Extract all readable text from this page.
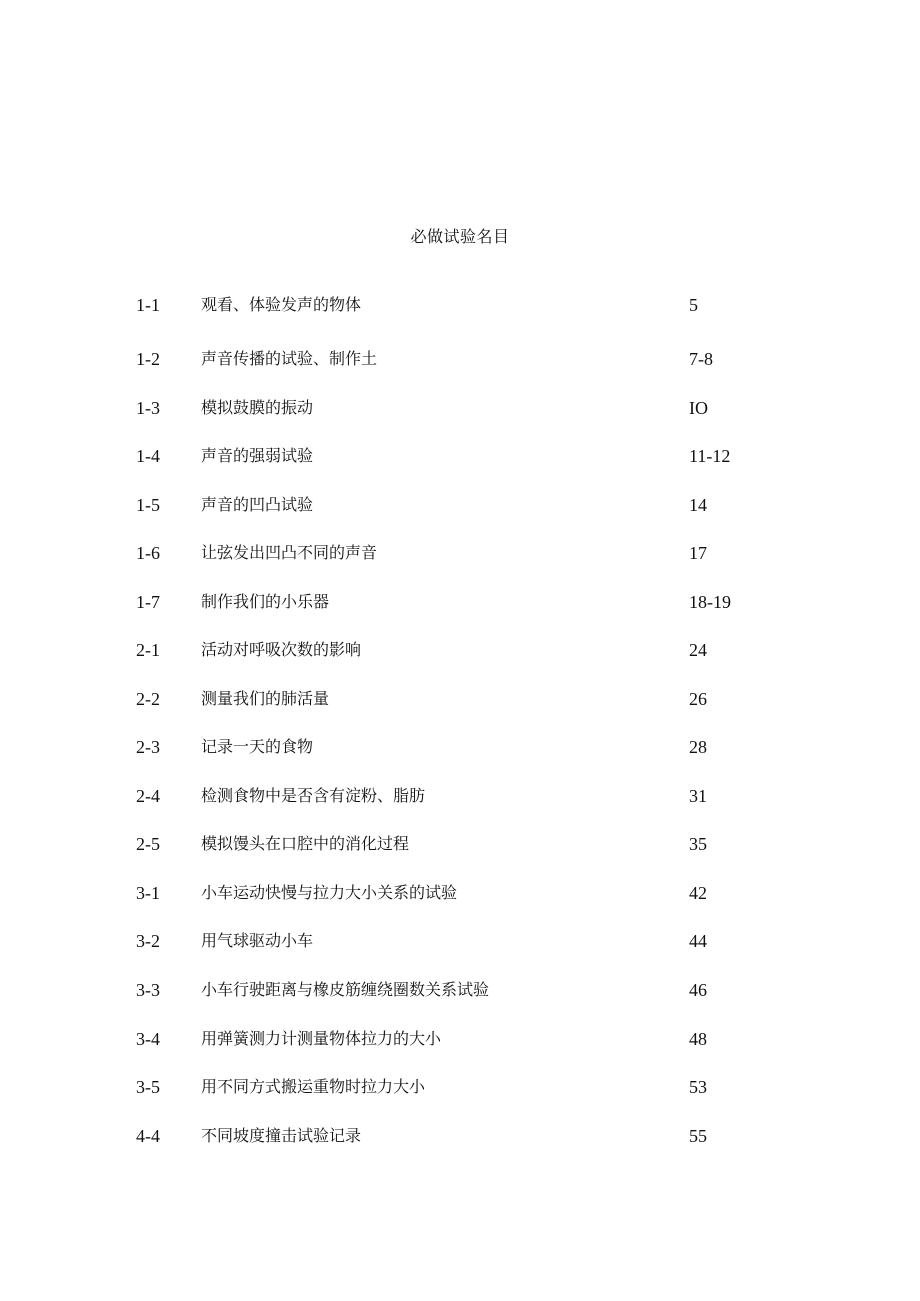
必做试验名目
1-1	观看、体验发声的物体	5
1-2	声音传播的试验、制作土	7-8
1-3	模拟鼓膜的振动	IO
1-4	声音的强弱试验	11-12
1-5	声音的凹凸试验	14
1-6	让弦发出凹凸不同的声音	17
1-7	制作我们的小乐器	18-19
2-1	活动对呼吸次数的影响	24
2-2	测量我们的肺活量	26
2-3	记录一天的食物	28
2-4	检测食物中是否含有淀粉、脂肪	31
2-5	模拟馒头在口腔中的消化过程	35
3-1	小车运动快慢与拉力大小关系的试验	42
3-2	用气球驱动小车	44
3-3	小车行驶距离与橡皮筋缠绕圈数关系试验	46
3-4	用弹簧测力计测量物体拉力的大小	48
3-5	用不同方式搬运重物时拉力大小	53
4-4	不同坡度撞击试验记录	55
